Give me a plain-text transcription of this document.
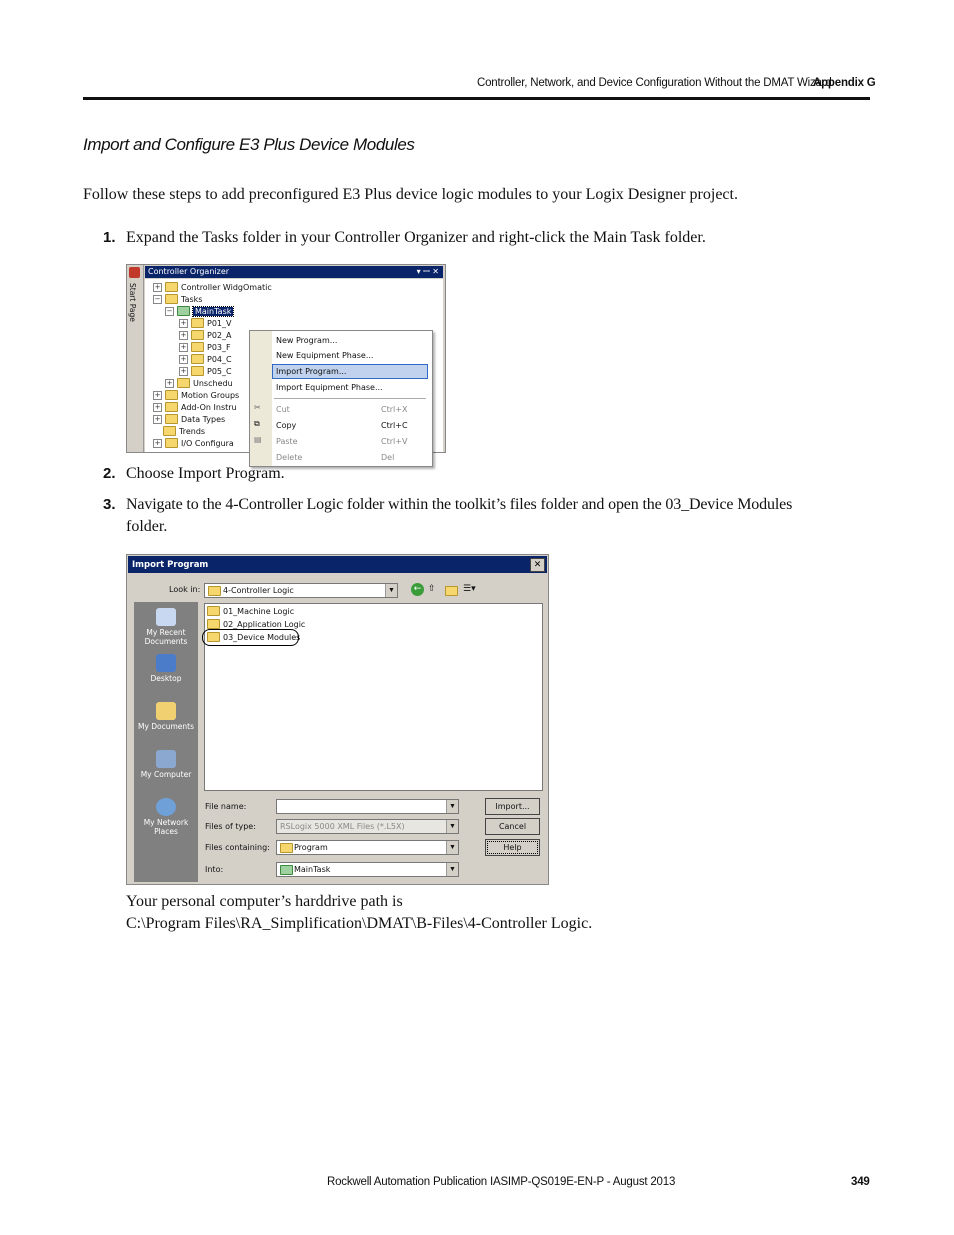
Controller, Network, and Device Configuration Without the DMAT Wizard
Appendix G
Import and Configure E3 Plus Device Modules
Follow these steps to add preconfigured E3 Plus device logic modules to your Logix Designer project.
1. Expand the Tasks folder in your Controller Organizer and right-click the Main Task folder.
Start Page
Controller Organizer	▾ ꟷ ✕
+	Controller WidgOmatic
−	Tasks
−	MainTask
+	P01_V
+	P02_A
+	P03_F
+	P04_C
+	P05_C
+	Unschedu
+	Motion Groups
+	Add-On Instru
+	Data Types
Trends
+	I/O Configura
New Program...
New Equipment Phase...
Import Program...
Import Equipment Phase...
✂ Cut	Ctrl+X
⧉ Copy	Ctrl+C
▤ Paste	Ctrl+V
Delete	Del
2. Choose Import Program.
3. Navigate to the 4-Controller Logic folder within the toolkit’s files folder and open the 03_Device Modules
folder.
Import Program	✕
Look in:	4-Controller Logic	▼	← ⇧	☰▾
My Recent Documents
Desktop
My Documents
My Computer
My Network Places
01_Machine Logic
02_Application Logic
03_Device Modules
File name:	▼
Files of type:	RSLogix 5000 XML Files (*.L5X)	▼
Files containing:	Program	▼
Into:	MainTask	▼
Import...
Cancel
Help
Your personal computer’s harddrive path is
C:\Program Files\RA_Simplification\DMAT\B-Files\4-Controller Logic.
Rockwell Automation Publication IASIMP-QS019E-EN-P - August 2013	349
